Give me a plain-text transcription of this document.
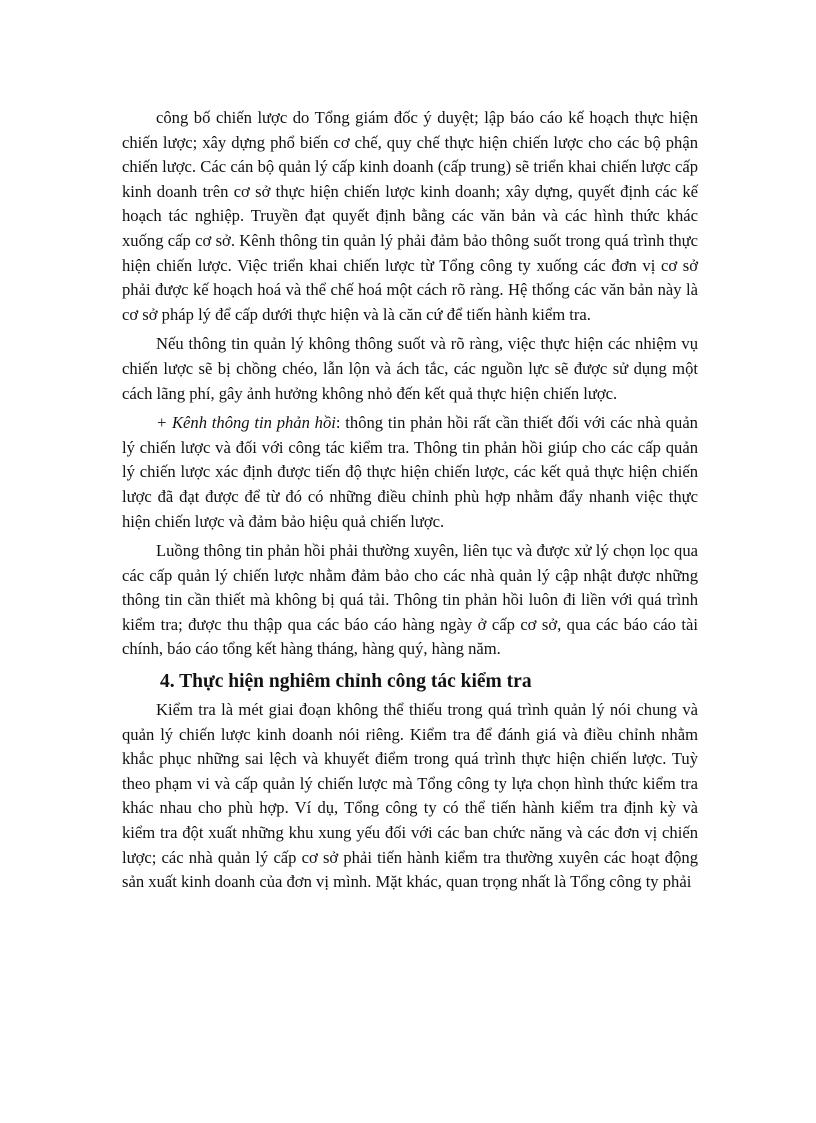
công bố chiến lược do Tổng giám đốc ý duyệt; lập báo cáo kế hoạch thực hiện chiến lược; xây dựng phổ biến cơ chế, quy chế thực hiện chiến lược cho các bộ phận chiến lược. Các cán bộ quản lý cấp kinh doanh (cấp trung) sẽ triển khai chiến lược cấp kinh doanh trên cơ sở thực hiện chiến lược kinh doanh; xây dựng, quyết định các kế hoạch tác nghiệp. Truyền đạt quyết định bằng các văn bản và các hình thức khác xuống cấp cơ sở. Kênh thông tin quản lý phải đảm bảo thông suốt trong quá trình thực hiện chiến lược. Việc triển khai chiến lược từ Tổng công ty xuống các đơn vị cơ sở phải được kế hoạch hoá và thể chế hoá một cách rõ ràng. Hệ thống các văn bản này là cơ sở pháp lý để cấp dưới thực hiện và là căn cứ để tiến hành kiểm tra.

Nếu thông tin quản lý không thông suốt và rõ ràng, việc thực hiện các nhiệm vụ chiến lược sẽ bị chồng chéo, lẫn lộn và ách tắc, các nguồn lực sẽ được sử dụng một cách lãng phí, gây ảnh hưởng không nhỏ đến kết quả thực hiện chiến lược.

+ Kênh thông tin phản hồi: thông tin phản hồi rất cần thiết đối với các nhà quản lý chiến lược và đối với công tác kiểm tra. Thông tin phản hồi giúp cho các cấp quản lý chiến lược xác định được tiến độ thực hiện chiến lược, các kết quả thực hiện chiến lược đã đạt được để từ đó có những điều chỉnh phù hợp nhằm đẩy nhanh việc thực hiện chiến lược và đảm bảo hiệu quả chiến lược.

Luồng thông tin phản hồi phải thường xuyên, liên tục và được xử lý chọn lọc qua các cấp quản lý chiến lược nhằm đảm bảo cho các nhà quản lý cập nhật được những thông tin cần thiết mà không bị quá tải. Thông tin phản hồi luôn đi liền với quá trình kiểm tra; được thu thập qua các báo cáo hàng ngày ở cấp cơ sở, qua các báo cáo tài chính, báo cáo tổng kết hàng tháng, hàng quý, hàng năm.

4. Thực hiện nghiêm chỉnh công tác kiểm tra

Kiểm tra là mét giai đoạn không thể thiếu trong quá trình quản lý nói chung và quản lý chiến lược kinh doanh nói riêng. Kiểm tra để đánh giá và điều chỉnh nhằm khắc phục những sai lệch và khuyết điểm trong quá trình thực hiện chiến lược. Tuỳ theo phạm vi và cấp quản lý chiến lược mà Tổng công ty lựa chọn hình thức kiểm tra khác nhau cho phù hợp. Ví dụ, Tổng công ty có thể tiến hành kiểm tra định kỳ và kiểm tra đột xuất những khu xung yếu đối với các ban chức năng và các đơn vị chiến lược; các nhà quản lý cấp cơ sở phải tiến hành kiểm tra thường xuyên các hoạt động sản xuất kinh doanh của đơn vị mình. Mặt khác, quan trọng nhất là Tổng công ty phải
